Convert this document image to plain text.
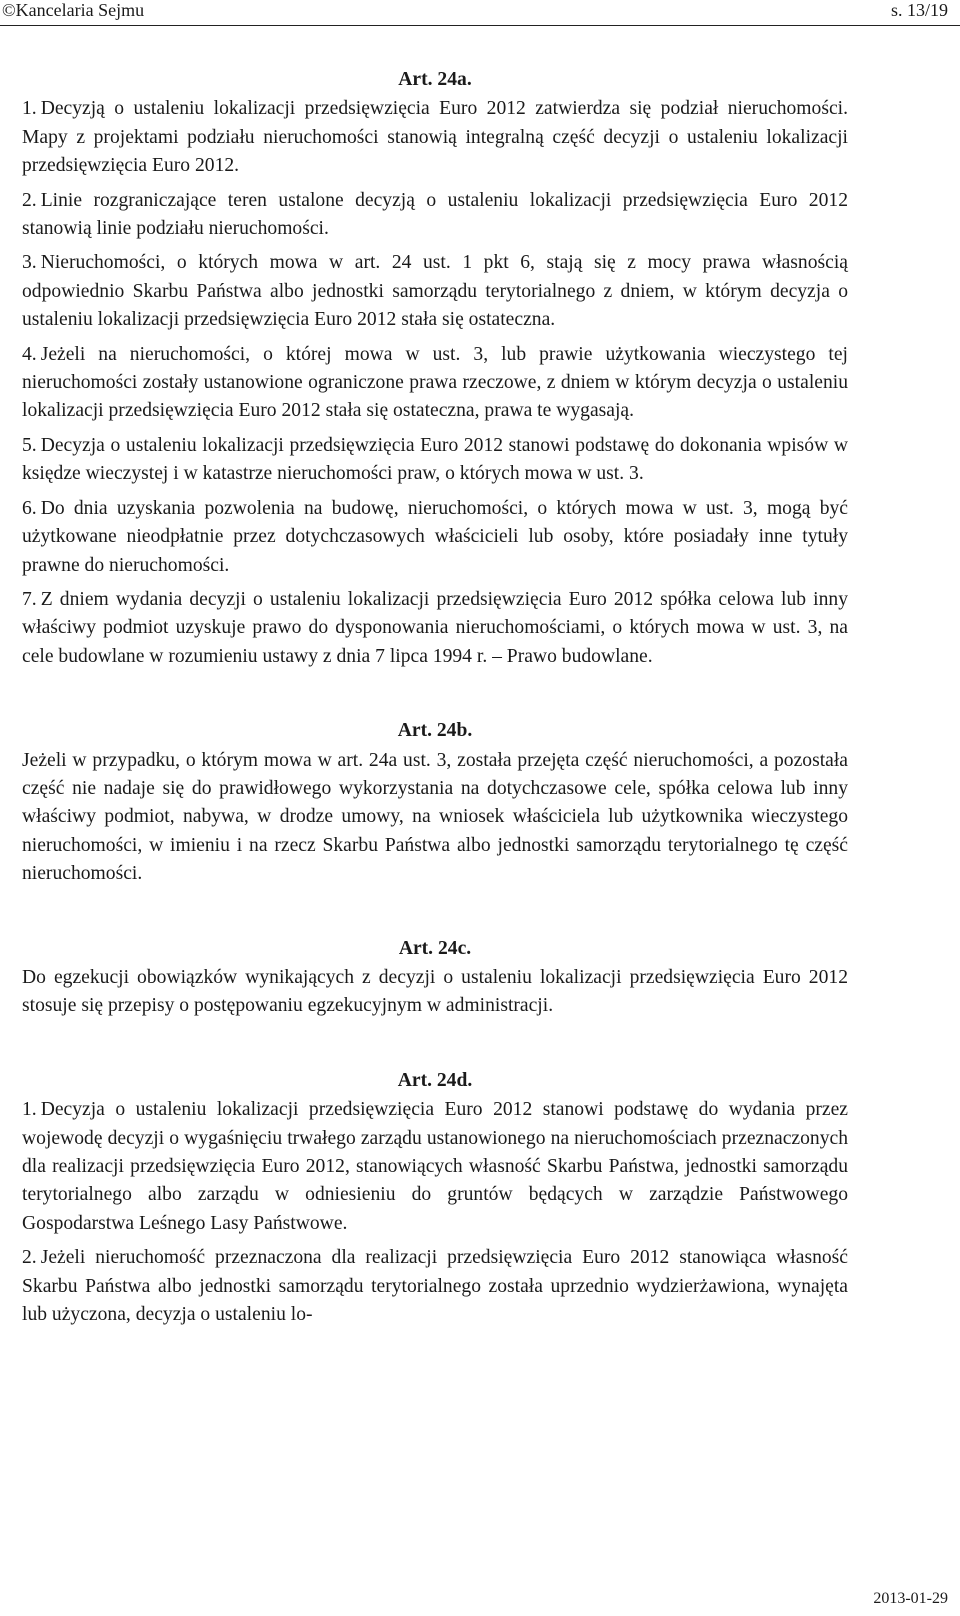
©Kancelaria Sejmu	s. 13/19

Art. 24a.

1. Decyzją o ustaleniu lokalizacji przedsięwzięcia Euro 2012 zatwierdza się podział nieruchomości. Mapy z projektami podziału nieruchomości stanowią integralną część decyzji o ustaleniu lokalizacji przedsięwzięcia Euro 2012.

2. Linie rozgraniczające teren ustalone decyzją o ustaleniu lokalizacji przedsięwzięcia Euro 2012 stanowią linie podziału nieruchomości.

3. Nieruchomości, o których mowa w art. 24 ust. 1 pkt 6, stają się z mocy prawa własnością odpowiednio Skarbu Państwa albo jednostki samorządu terytorialnego z dniem, w którym decyzja o ustaleniu lokalizacji przedsięwzięcia Euro 2012 stała się ostateczna.

4. Jeżeli na nieruchomości, o której mowa w ust. 3, lub prawie użytkowania wieczystego tej nieruchomości zostały ustanowione ograniczone prawa rzeczowe, z dniem w którym decyzja o ustaleniu lokalizacji przedsięwzięcia Euro 2012 stała się ostateczna, prawa te wygasają.

5. Decyzja o ustaleniu lokalizacji przedsięwzięcia Euro 2012 stanowi podstawę do dokonania wpisów w księdze wieczystej i w katastrze nieruchomości praw, o których mowa w ust. 3.

6. Do dnia uzyskania pozwolenia na budowę, nieruchomości, o których mowa w ust. 3, mogą być użytkowane nieodpłatnie przez dotychczasowych właścicieli lub osoby, które posiadały inne tytuły prawne do nieruchomości.

7. Z dniem wydania decyzji o ustaleniu lokalizacji przedsięwzięcia Euro 2012 spółka celowa lub inny właściwy podmiot uzyskuje prawo do dysponowania nieruchomościami, o których mowa w ust. 3, na cele budowlane w rozumieniu ustawy z dnia 7 lipca 1994 r. – Prawo budowlane.

Art. 24b.

Jeżeli w przypadku, o którym mowa w art. 24a ust. 3, została przejęta część nieruchomości, a pozostała część nie nadaje się do prawidłowego wykorzystania na dotychczasowe cele, spółka celowa lub inny właściwy podmiot, nabywa, w drodze umowy, na wniosek właściciela lub użytkownika wieczystego nieruchomości, w imieniu i na rzecz Skarbu Państwa albo jednostki samorządu terytorialnego tę część nieruchomości.

Art. 24c.

Do egzekucji obowiązków wynikających z decyzji o ustaleniu lokalizacji przedsięwzięcia Euro 2012 stosuje się przepisy o postępowaniu egzekucyjnym w administracji.

Art. 24d.

1. Decyzja o ustaleniu lokalizacji przedsięwzięcia Euro 2012 stanowi podstawę do wydania przez wojewodę decyzji o wygaśnięciu trwałego zarządu ustanowionego na nieruchomościach przeznaczonych dla realizacji przedsięwzięcia Euro 2012, stanowiących własność Skarbu Państwa, jednostki samorządu terytorialnego albo zarządu w odniesieniu do gruntów będących w zarządzie Państwowego Gospodarstwa Leśnego Lasy Państwowe.

2. Jeżeli nieruchomość przeznaczona dla realizacji przedsięwzięcia Euro 2012 stanowiąca własność Skarbu Państwa albo jednostki samorządu terytorialnego została uprzednio wydzierżawiona, wynajęta lub użyczona, decyzja o ustaleniu lo-

2013-01-29
